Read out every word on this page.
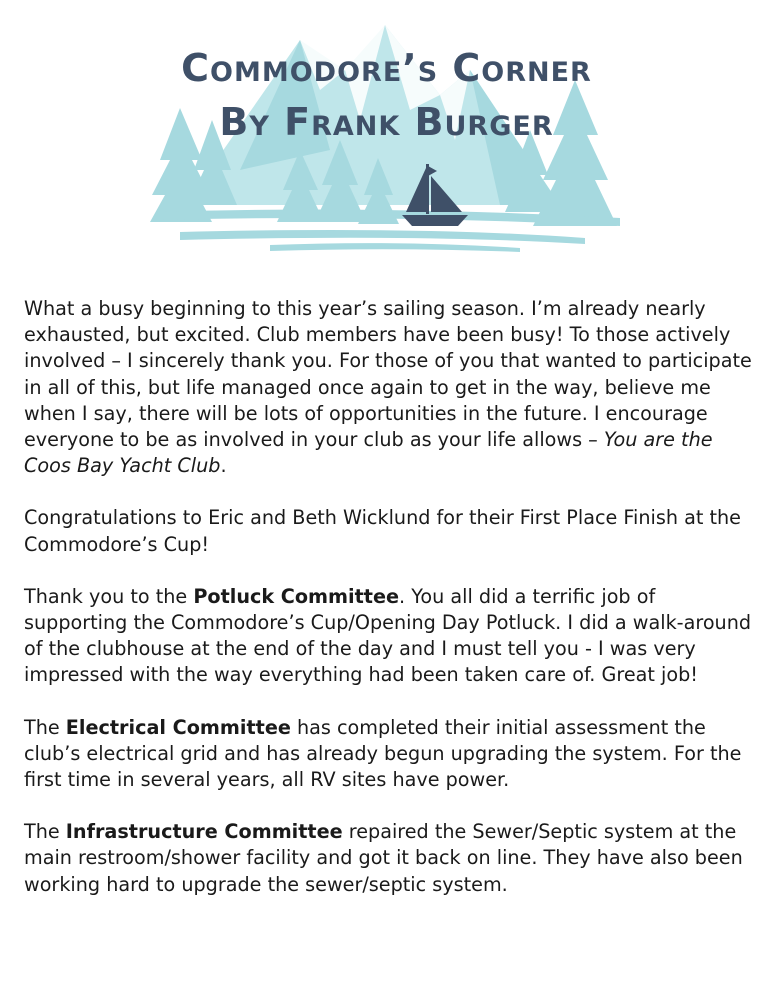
Commodore’s Corner
By Frank Burger

What a busy beginning to this year’s sailing season. I’m already nearly exhausted, but excited. Club members have been busy! To those actively involved – I sincerely thank you. For those of you that wanted to participate in all of this, but life managed once again to get in the way, believe me when I say, there will be lots of opportunities in the future. I encourage everyone to be as involved in your club as your life allows – You are the Coos Bay Yacht Club.

Congratulations to Eric and Beth Wicklund for their First Place Finish at the Commodore’s Cup!

Thank you to the Potluck Committee. You all did a terrific job of supporting the Commodore’s Cup/Opening Day Potluck. I did a walk-around of the clubhouse at the end of the day and I must tell you - I was very impressed with the way everything had been taken care of. Great job!

The Electrical Committee has completed their initial assessment the club’s electrical grid and has already begun upgrading the system. For the first time in several years, all RV sites have power.

The Infrastructure Committee repaired the Sewer/Septic system at the main restroom/shower facility and got it back on line. They have also been working hard to upgrade the sewer/septic system.
